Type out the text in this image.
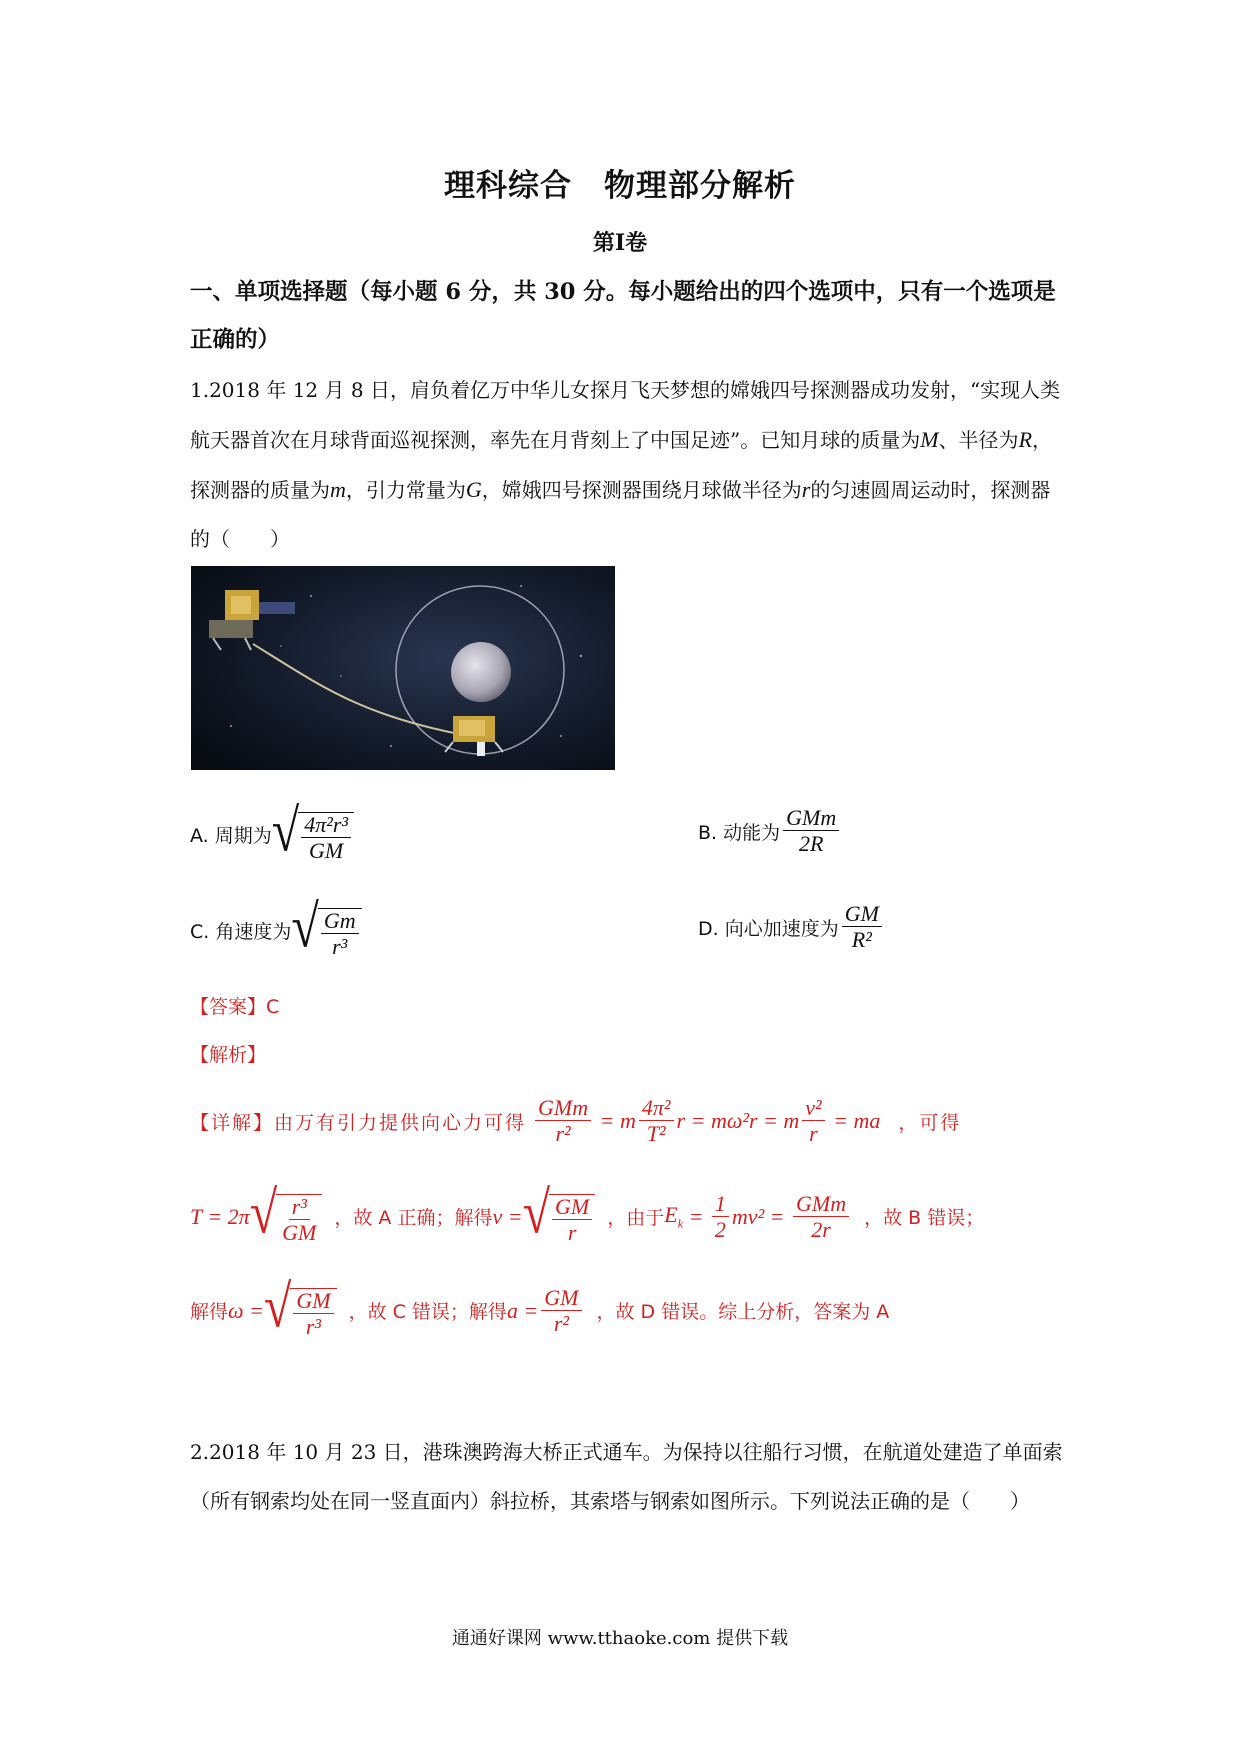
理科综合　物理部分解析
第Ⅰ卷
一、单项选择题（每小题 6 分，共 30 分。每小题给出的四个选项中，只有一个选项是正确的）
1.2018 年 12 月 8 日，肩负着亿万中华儿女探月飞天梦想的嫦娥四号探测器成功发射，“实现人类航天器首次在月球背面巡视探测，率先在月背刻上了中国足迹”。已知月球的质量为M、半径为R，探测器的质量为m，引力常量为G，嫦娥四号探测器围绕月球做半径为r的匀速圆周运动时，探测器的（　　）
A. 周期为 √ $\frac{\text{4π²r³}}{GM}$	B. 动能为 $\frac{\text{GMm}}{2R}$
C. 角速度为 √ $\frac{Gm}{\text{r³}}$	D. 向心加速度为 $\frac{GM}{\text{R²}}$
【答案】C
【解析】
【详解】 由万有引力提供向心力可得 $\frac{\text{GMm}}{\text{r²}} = m \frac{\text{4π²}}{\text{T²}}$ r = mω²r = m $\frac{\text{v²}}{r}$ = ma ，可得
T = 2π √ $\frac{\text{r³}}{GM}$ ，故 A 正确；解得 v = √ $\frac{GM}{r}$ ，由于 $E_k = \frac{1}{2} mv^2 = \frac{\text{GMm}}{2r}$ ，故 B 错误；
解得 ω = √ $\frac{GM}{\text{r³}}$ ，故 C 错误；解得 $a = \frac{GM}{\text{r²}}$ ，故 D 错误。综上分析，答案为 A
2.2018 年 10 月 23 日，港珠澳跨海大桥正式通车。为保持以往船行习惯，在航道处建造了单面索（所有钢索均处在同一竖直面内）斜拉桥，其索塔与钢索如图所示。下列说法正确的是（　　）
通通好课网 www.tthaoke.com 提供下载
